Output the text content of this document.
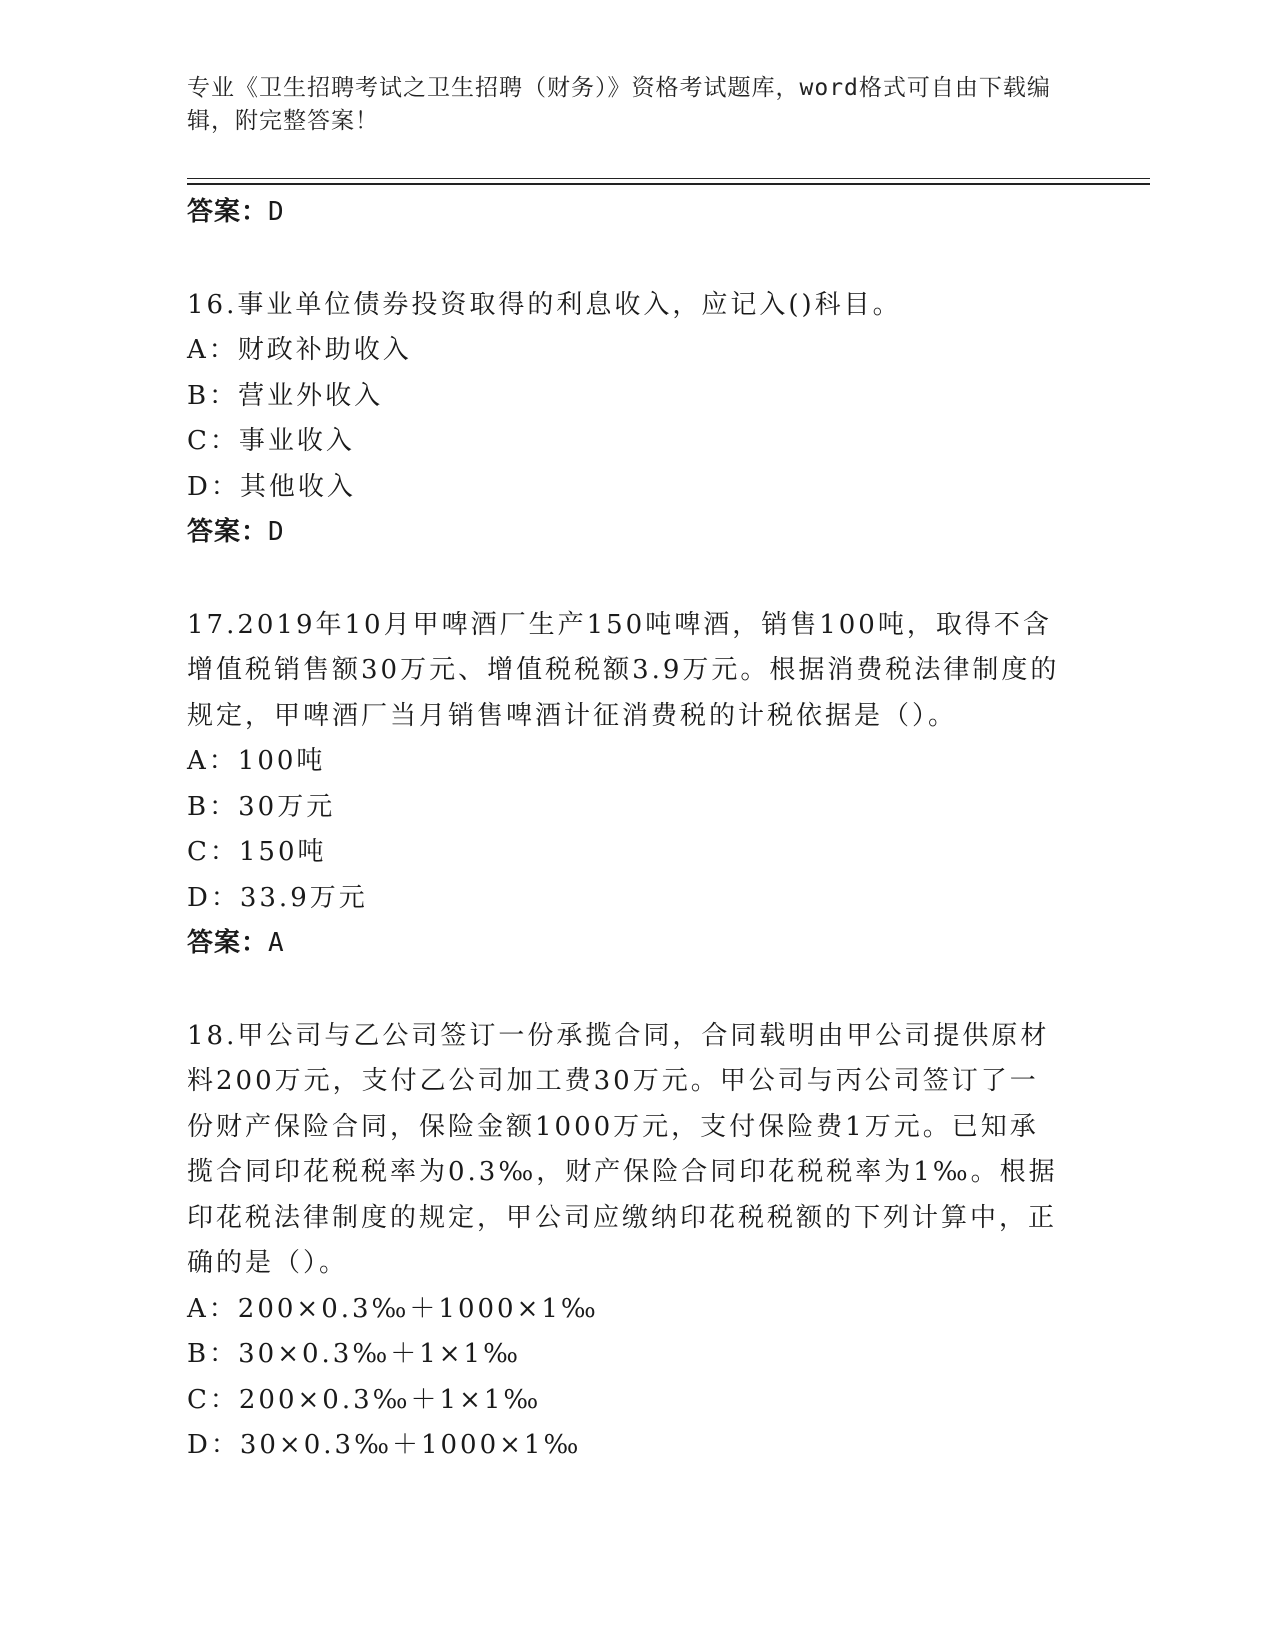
专业《卫生招聘考试之卫生招聘（财务）》资格考试题库，word格式可自由下载编辑，附完整答案！

答案：D

16.事业单位债券投资取得的利息收入，应记入()科目。

A：财政补助收入

B：营业外收入

C：事业收入

D：其他收入

答案：D

17.2019年10月甲啤酒厂生产150吨啤酒，销售100吨，取得不含增值税销售额30万元、增值税税额3.9万元。根据消费税法律制度的规定，甲啤酒厂当月销售啤酒计征消费税的计税依据是（）。

A：100吨

B：30万元

C：150吨

D：33.9万元

答案：A

18.甲公司与乙公司签订一份承揽合同，合同载明由甲公司提供原材料200万元，支付乙公司加工费30万元。甲公司与丙公司签订了一份财产保险合同，保险金额1000万元，支付保险费1万元。已知承揽合同印花税税率为0.3‰，财产保险合同印花税税率为1‰。根据印花税法律制度的规定，甲公司应缴纳印花税税额的下列计算中，正确的是（）。

A：200×0.3‰＋1000×1‰

B：30×0.3‰＋1×1‰

C：200×0.3‰＋1×1‰

D：30×0.3‰＋1000×1‰
